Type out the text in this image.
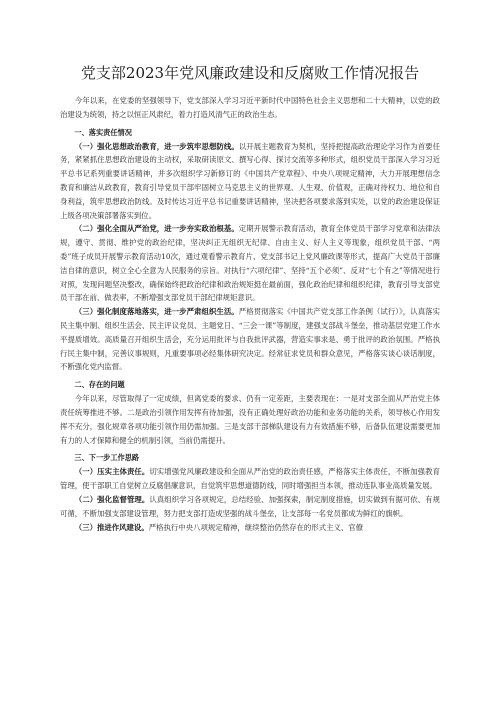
党支部2023年党风廉政建设和反腐败工作情况报告

今年以来，在党委的坚强领导下，党支部深入学习习近平新时代中国特色社会主义思想和二十大精神，以党的政治建设为统领，持之以恒正风肃纪，着力打造风清气正的政治生态。

一、落实责任情况

（一）强化思想政治教育，进一步筑牢思想防线。以开展主题教育为契机，坚持把提高政治理论学习作为首要任务，紧紧抓住思想政治建设的主动权，采取研读原文、撰写心得、探讨交流等多种形式，组织党员干部深入学习习近平总书记系列重要讲话精神，并多次组织学习新修订的《中国共产党章程》、中央八项规定精神，大力开展理想信念教育和廉洁从政教育，教育引导党员干部牢固树立马克思主义的世界观、人生观、价值观，正确对待权力、地位和自身利益，筑牢思想政治防线。及时传达习近平总书记重要讲话精神，坚决把各项要求落到实处，以党的政治建设保证上级各项决策部署落实到位。

（二）强化全面从严治党，进一步夯实政治根基。定期开展警示教育活动，教育全体党员干部学习党章和法律法规，遵守、贯彻、维护党的政治纪律，坚决纠正无组织无纪律、自由主义、好人主义等现象，组织党员干部、“两委”班子成员开展警示教育活动10次，通过观看警示教育片、党支部书记上党风廉政课等形式，提高广大党员干部廉洁自律的意识，树立全心全意为人民服务的宗旨。对执行“六项纪律”、坚持“五个必须”、反对“七个有之”等情况进行对照，发现问题坚决整改，确保始终把政治纪律和政治规矩挺在最前面，强化政治纪律和组织纪律，教育引导支部党员干部在前、做表率，不断增强支部党员干部纪律规矩意识。

（三）强化制度落地落实，进一步严肃组织生活。严格贯彻落实《中国共产党支部工作条例（试行）》，认真落实民主集中制、组织生活会、民主评议党员、主题党日、“三会一课”等制度，建强支部战斗堡垒，推动基层党建工作水平提质增效。高质量召开组织生活会，充分运用批评与自我批评武器，营造实事求是、勇于批评的政治氛围。严格执行民主集中制，完善议事规则，凡重要事项必经集体研究决定。经常征求党员和群众意见，严格落实谈心谈话制度，不断强化党内监督。

二、存在的问题

今年以来，尽管取得了一定成绩，但离党委的要求、仍有一定差距，主要表现在：一是对支部全面从严治党主体责任统筹推进不够。二是政治引领作用发挥有待加强，没有正确处理好政治功能和业务功能的关系，领导核心作用发挥不充分，强化规章各项功能引领作用仍需加强。三是支部干部梯队建设有力有效措施不够，后备队伍建设需要更加有力的人才保障和健全的机制引领，当前仍需提升。

三、下一步工作思路

（一）压实主体责任。切实增强党风廉政建设和全面从严治党的政治责任感，严格落实主体责任，不断加强教育管理，使干部职工自觉树立反腐倡廉意识，自觉筑牢思想道德防线，同时增强担当本领，推动连队事业高质量发展。

（二）强化监督管理。认真组织学习各项规定，总结经验、加强探索，制定制度措施，切实做到有据可依、有规可循，不断加强支部建设管理，努力把支部打造成坚强的战斗堡垒，让支部每一名党员都成为鲜红的旗帜。

（三）推进作风建设。严格执行中央八项规定精神，继续整治仍然存在的形式主义、官僚
